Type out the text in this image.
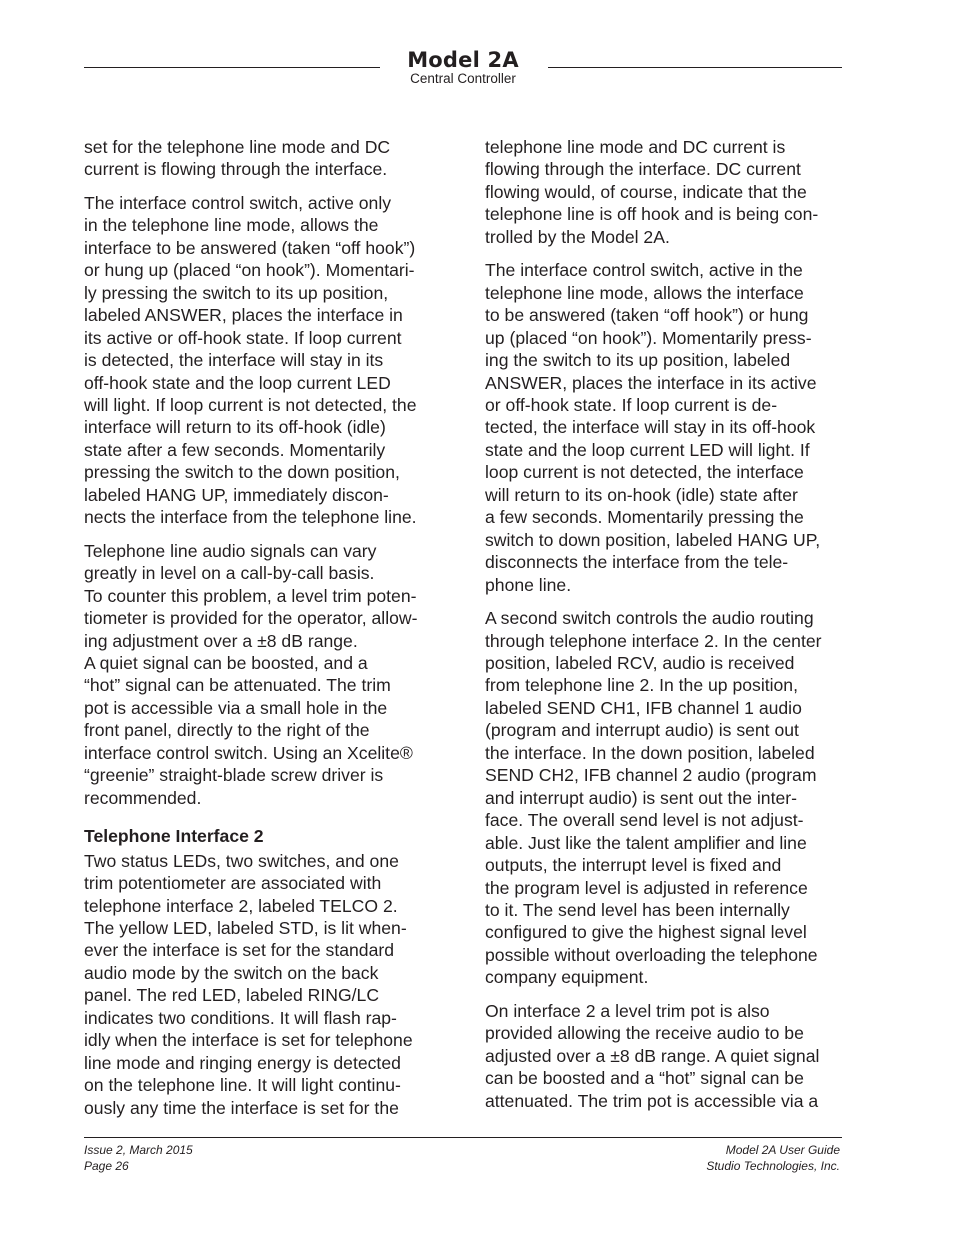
Model 2A
Central Controller

set for the telephone line mode and DC
current is flowing through the interface.

The interface control switch, active only
in the telephone line mode, allows the
interface to be answered (taken “off hook”)
or hung up (placed “on hook”). Momentari-
ly pressing the switch to its up position,
labeled ANSWER, places the interface in
its active or off-hook state. If loop current
is detected, the interface will stay in its
off-hook state and the loop current LED
will light. If loop current is not detected, the
interface will return to its off-hook (idle)
state after a few seconds. Momentarily
pressing the switch to the down position,
labeled HANG UP, immediately discon-
nects the interface from the telephone line.

Telephone line audio signals can vary
greatly in level on a call-by-call basis.
To counter this problem, a level trim poten-
tiometer is provided for the operator, allow-
ing adjustment over a ±8 dB range.
A quiet signal can be boosted, and a
“hot” signal can be attenuated. The trim
pot is accessible via a small hole in the
front panel, directly to the right of the
interface control switch. Using an Xcelite®
“greenie” straight-blade screw driver is
recommended.

Telephone Interface 2

Two status LEDs, two switches, and one
trim potentiometer are associated with
telephone interface 2, labeled TELCO 2.
The yellow LED, labeled STD, is lit when-
ever the interface is set for the standard
audio mode by the switch on the back
panel. The red LED, labeled RING/LC
indicates two conditions. It will flash rap-
idly when the interface is set for telephone
line mode and ringing energy is detected
on the telephone line. It will light continu-
ously any time the interface is set for the

telephone line mode and DC current is
flowing through the interface. DC current
flowing would, of course, indicate that the
telephone line is off hook and is being con-
trolled by the Model 2A.

The interface control switch, active in the
telephone line mode, allows the interface
to be answered (taken “off hook”) or hung
up (placed “on hook”). Momentarily press-
ing the switch to its up position, labeled
ANSWER, places the interface in its active
or off-hook state. If loop current is de-
tected, the interface will stay in its off-hook
state and the loop current LED will light. If
loop current is not detected, the interface
will return to its on-hook (idle) state after
a few seconds. Momentarily pressing the
switch to down position, labeled HANG UP,
disconnects the interface from the tele-
phone line.

A second switch controls the audio routing
through telephone interface 2. In the center
position, labeled RCV, audio is received
from telephone line 2. In the up position,
labeled SEND CH1, IFB channel 1 audio
(program and interrupt audio) is sent out
the interface. In the down position, labeled
SEND CH2, IFB channel 2 audio (program
and interrupt audio) is sent out the inter-
face. The overall send level is not adjust-
able. Just like the talent amplifier and line
outputs, the interrupt level is fixed and
the program level is adjusted in reference
to it. The send level has been internally
configured to give the highest signal level
possible without overloading the telephone
company equipment.

On interface 2 a level trim pot is also
provided allowing the receive audio to be
adjusted over a ±8 dB range. A quiet signal
can be boosted and a “hot” signal can be
attenuated. The trim pot is accessible via a

Issue 2, March 2015
Page 26
Model 2A User Guide
Studio Technologies, Inc.
